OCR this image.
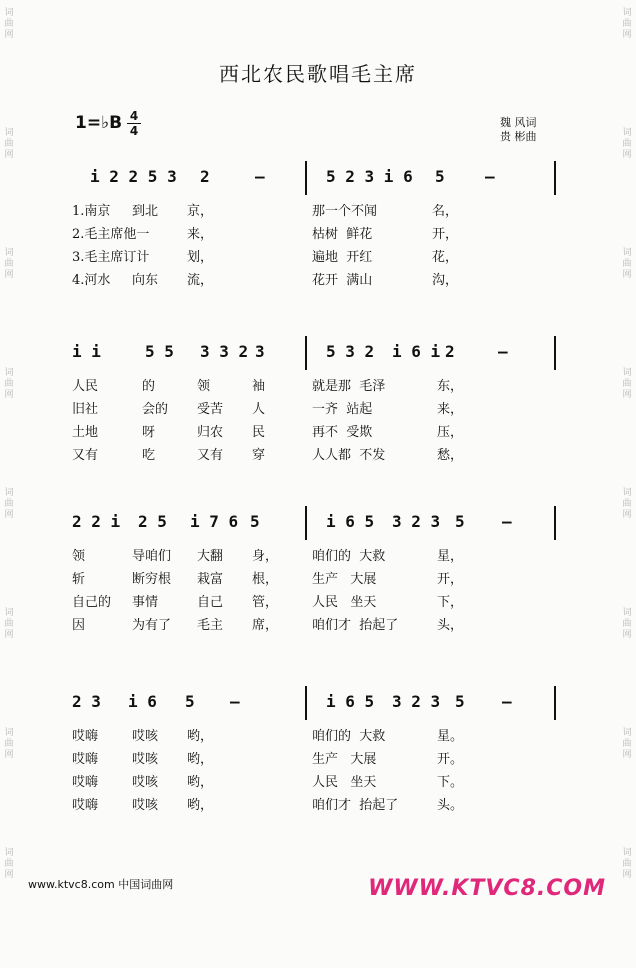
词
曲
网
词
曲
网
词
曲
网
词
曲
网
词
曲
网
词
曲
网
词
曲
网
词
曲
网
词
曲
网
词
曲
网
词
曲
网
词
曲
网
词
曲
网
词
曲
网
词
曲
网
词
曲
网
西北农民歌唱毛主席
1=♭B 4
4
魏 风词
贵 彬曲
i 2 2 5 3 2	—	5 2 3 i 6 5	—
1.南京 到北 京，	那一个不闻	名，
2.毛主席他一	来，	枯树  鲜花	开，
3.毛主席订计	划，	遍地  开红	花，
4.河水 向东 流，	花开  满山	沟，
i i	5 5 3 3 2 3	5 3 2 i 6 i 2	—
人民	的	领	袖	就是那  毛泽	东，
旧社	会的 受苦 人	一齐  站起	来，
土地	呀	归农 民	再不  受欺	压，
又有	吃	又有 穿	人人都  不发	愁，
2 2 i 2 5 i 7 6 5	i 6 5 3 2 3 5 —
领	导咱们 大翻 身，	咱们的  大救	星，
斩	断穷根 栽富 根，	生产   大展	开，
自己的 事情	自己 管，	人民   坐天	下，
因	为有了 毛主 席，	咱们才  抬起了	头，
2 3 i 6 5 —	i 6 5 3 2 3 5 —
哎嗨	哎咳 哟，	咱们的  大救	星。
哎嗨	哎咳 哟，	生产   大展	开。
哎嗨	哎咳 哟，	人民   坐天	下。
哎嗨	哎咳 哟，	咱们才  抬起了	头。
www.ktvc8.com 中国词曲网	WWW.KTVC8.COM
